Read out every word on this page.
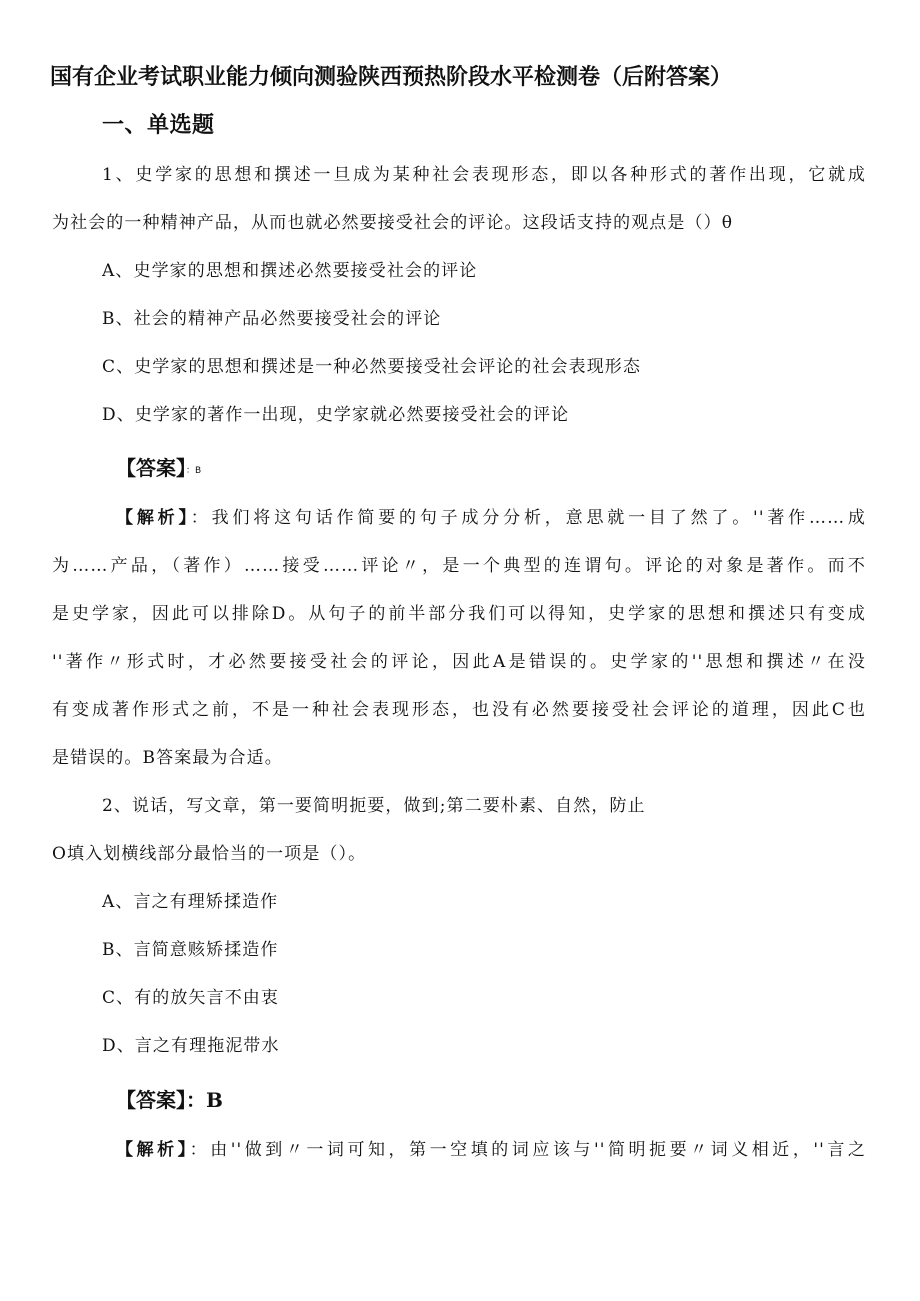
国有企业考试职业能力倾向测验陕西预热阶段水平检测卷（后附答案）
一、单选题
1、史学家的思想和撰述一旦成为某种社会表现形态，即以各种形式的著作出现，它就成
为社会的一种精神产品，从而也就必然要接受社会的评论。这段话支持的观点是（）θ
A、史学家的思想和撰述必然要接受社会的评论
B、社会的精神产品必然要接受社会的评论
C、史学家的思想和撰述是一种必然要接受社会评论的社会表现形态
D、史学家的著作一出现，史学家就必然要接受社会的评论
【答案】：B
【解析】：我们将这句话作简要的句子成分分析，意思就一目了然了。''著作……成
为……产品，（著作）……接受……评论〃，是一个典型的连谓句。评论的对象是著作。而不
是史学家，因此可以排除D。从句子的前半部分我们可以得知，史学家的思想和撰述只有变成
''著作〃形式时，才必然要接受社会的评论，因此A是错误的。史学家的''思想和撰述〃在没
有变成著作形式之前，不是一种社会表现形态，也没有必然要接受社会评论的道理，因此C也
是错误的。B答案最为合适。
2、说话，写文章，第一要简明扼要，做到;第二要朴素、自然，防止
O填入划横线部分最恰当的一项是（）。
A、言之有理矫揉造作
B、言简意赅矫揉造作
C、有的放矢言不由衷
D、言之有理拖泥带水
【答案】：B
【解析】：由''做到〃一词可知，第一空填的词应该与''简明扼要〃词义相近，''言之
